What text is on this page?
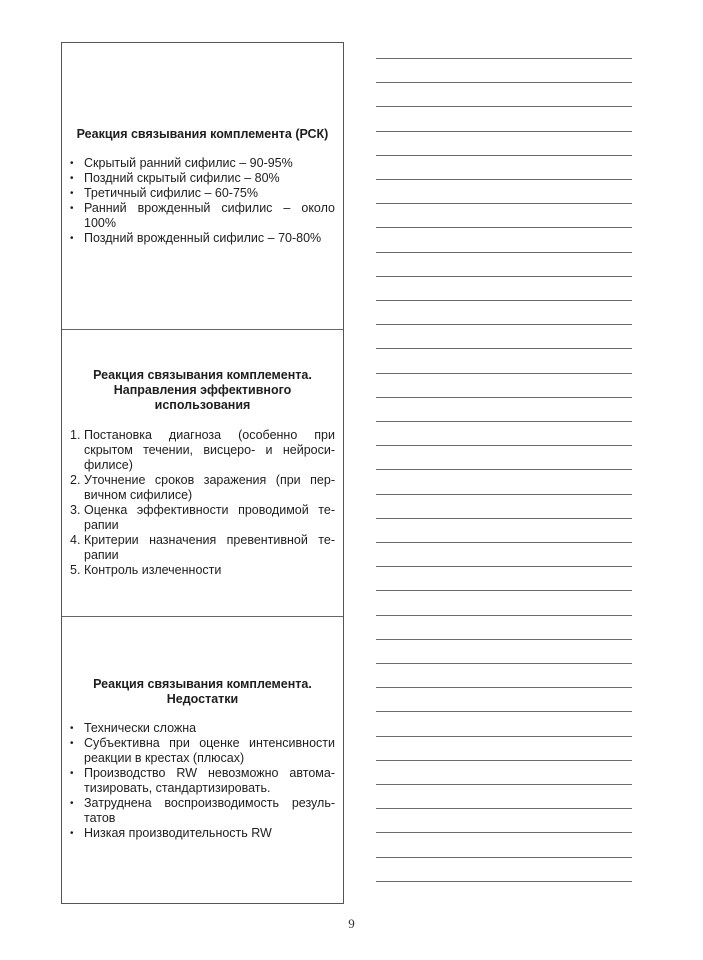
Реакция связывания комплемента (РСК)

• Скрытый ранний сифилис – 90-95%
• Поздний скрытый сифилис – 80%
• Третичный сифилис – 60-75%
• Ранний врожденный сифилис – около 100%
• Поздний врожденный сифилис – 70-80%

Реакция связывания комплемента.
Направления эффективного использования

1. Постановка диагноза (особенно при скрытом течении, висцеро- и нейроси-филисе)
2. Уточнение сроков заражения (при пер-вичном сифилисе)
3. Оценка эффективности проводимой те-рапии
4. Критерии назначения превентивной те-рапии
5. Контроль излеченности

Реакция связывания комплемента.
Недостатки

• Технически сложна
• Субъективна при оценке интенсивности реакции в крестах (плюсах)
• Производство RW невозможно автома-тизировать, стандартизировать.
• Затруднена воспроизводимость резуль-татов
• Низкая производительность RW
9
